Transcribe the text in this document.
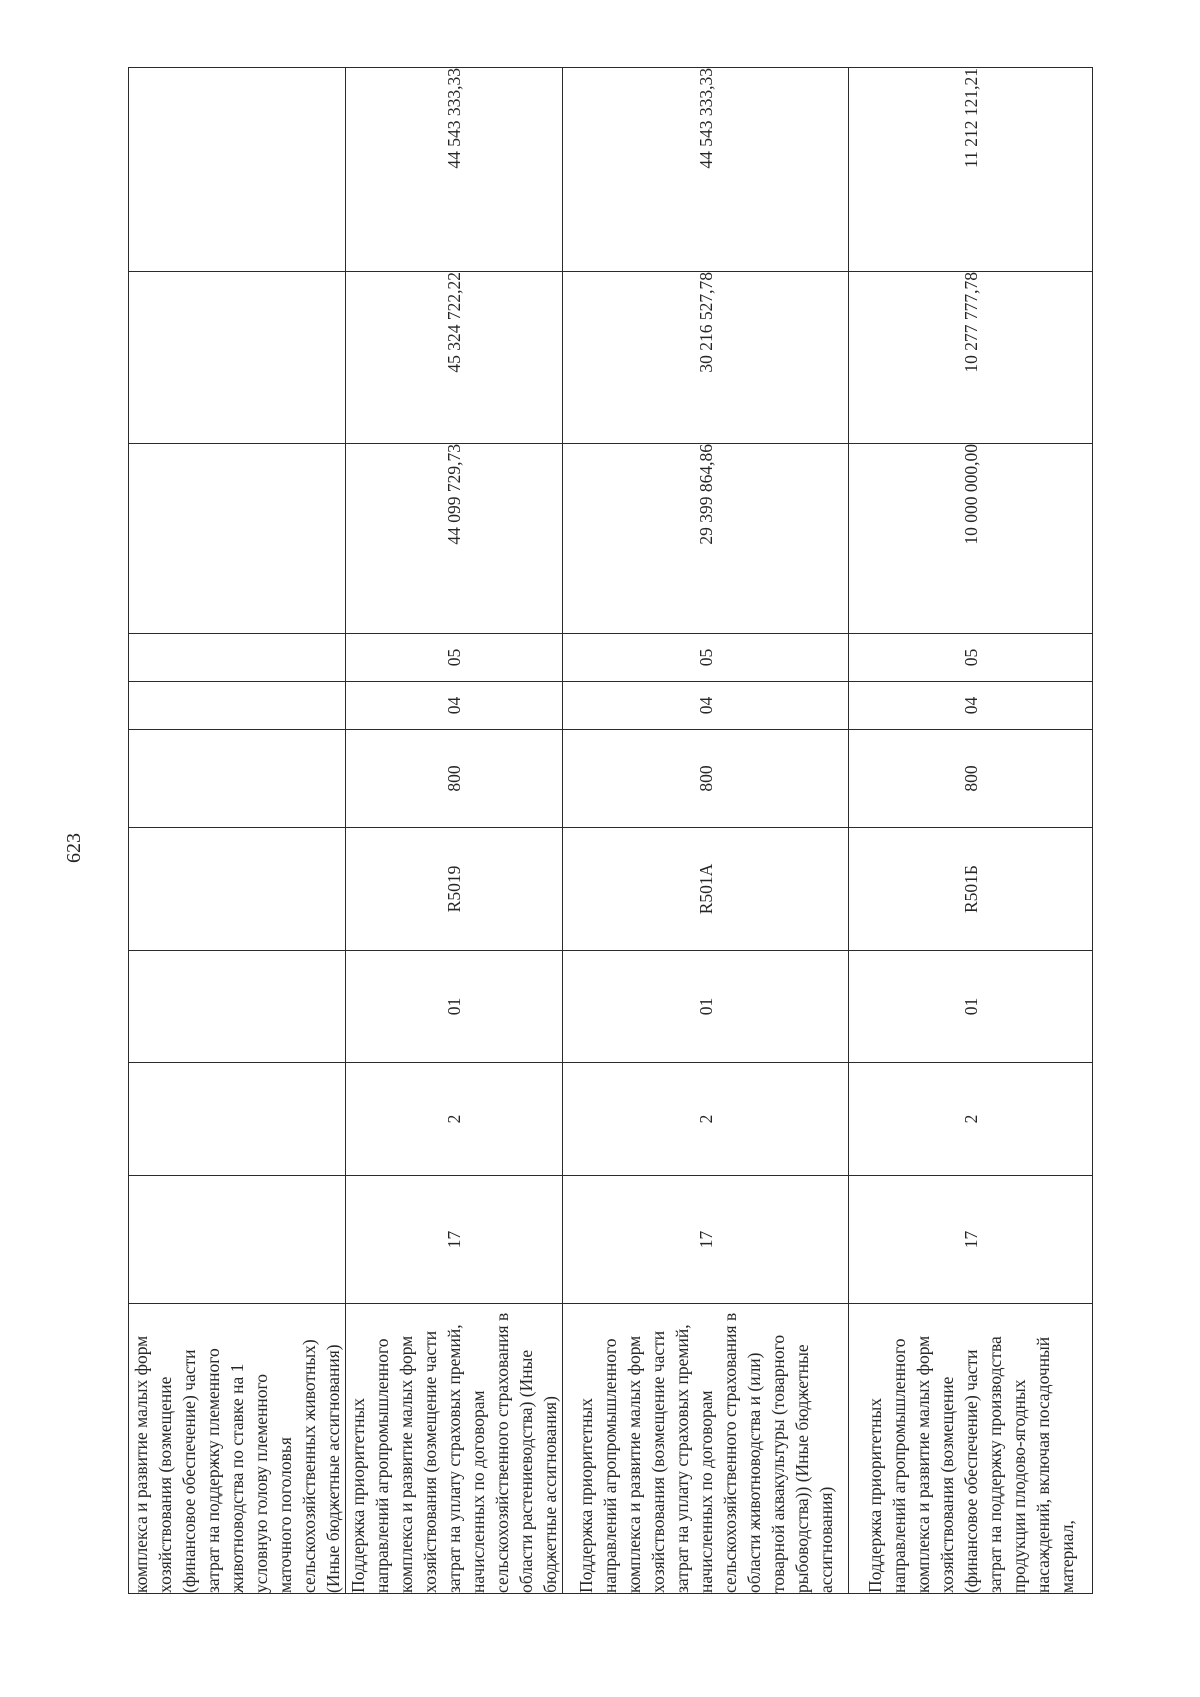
623
комплекса и развитие малых форм хозяйствования (возмещение (финансовое обеспечение) части затрат на поддержку племенного животноводства по ставке на 1 условную голову племенного маточного поголовья сельскохозяйственных животных) (Иные бюджетные ассигнования)										
Поддержка приоритетных направлений агропромышленного комплекса и развитие малых форм хозяйствования (возмещение части затрат на уплату страховых премий, начисленных по договорам сельскохозяйственного страхования в области растениеводства) (Иные бюджетные ассигнования)	17	2	01	R5019	800	04	05	44 099 729,73	45 324 722,22	44 543 333,33
Поддержка приоритетных направлений агропромышленного комплекса и развитие малых форм хозяйствования (возмещение части затрат на уплату страховых премий, начисленных по договорам сельскохозяйственного страхования в области животноводства и (или) товарной аквакультуры (товарного рыбоводства)) (Иные бюджетные ассигнования)	17	2	01	R501А	800	04	05	29 399 864,86	30 216 527,78	44 543 333,33
Поддержка приоритетных направлений агропромышленного комплекса и развитие малых форм хозяйствования (возмещение (финансовое обеспечение) части затрат на поддержку производства продукции плодово-ягодных насаждений, включая посадочный материал,	17	2	01	R501Б	800	04	05	10 000 000,00	10 277 777,78	11 212 121,21
